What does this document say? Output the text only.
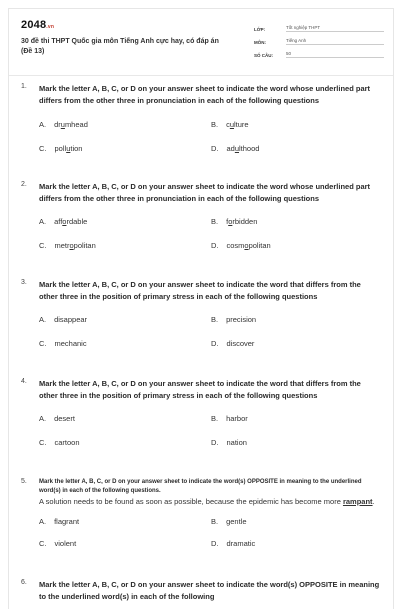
2048.vn
30 đề thi THPT Quốc gia môn Tiếng Anh cực hay, có đáp án (Đề 13)
LỚP:	Tốt nghiệp THPT
MÔN:	Tiếng Anh
SỐ CÂU:	50
1. Mark the letter A, B, C, or D on your answer sheet to indicate the word whose underlined part differs from the other three in pronunciation in each of the following questions
A. drumhead	B. culture
C. pollution	D. adulthood
2. Mark the letter A, B, C, or D on your answer sheet to indicate the word whose underlined part differs from the other three in pronunciation in each of the following questions
A. affordable	B. forbidden
C. metropolitan	D. cosmopolitan
3. Mark the letter A, B, C, or D on your answer sheet to indicate the word that differs from the other three in the position of primary stress in each of the following questions
A. disappear	B. precision
C. mechanic	D. discover
4. Mark the letter A, B, C, or D on your answer sheet to indicate the word that differs from the other three in the position of primary stress in each of the following questions
A. desert	B. harbor
C. cartoon	D. nation
5. Mark the letter A, B, C, or D on your answer sheet to indicate the word(s) OPPOSITE in meaning to the underlined word(s) in each of the following questions.
A solution needs to be found as soon as possible, because the epidemic has become more rampant.
A. flagrant	B. gentle
C. violent	D. dramatic
6. Mark the letter A, B, C, or D on your answer sheet to indicate the word(s) OPPOSITE in meaning to the underlined word(s) in each of the following
